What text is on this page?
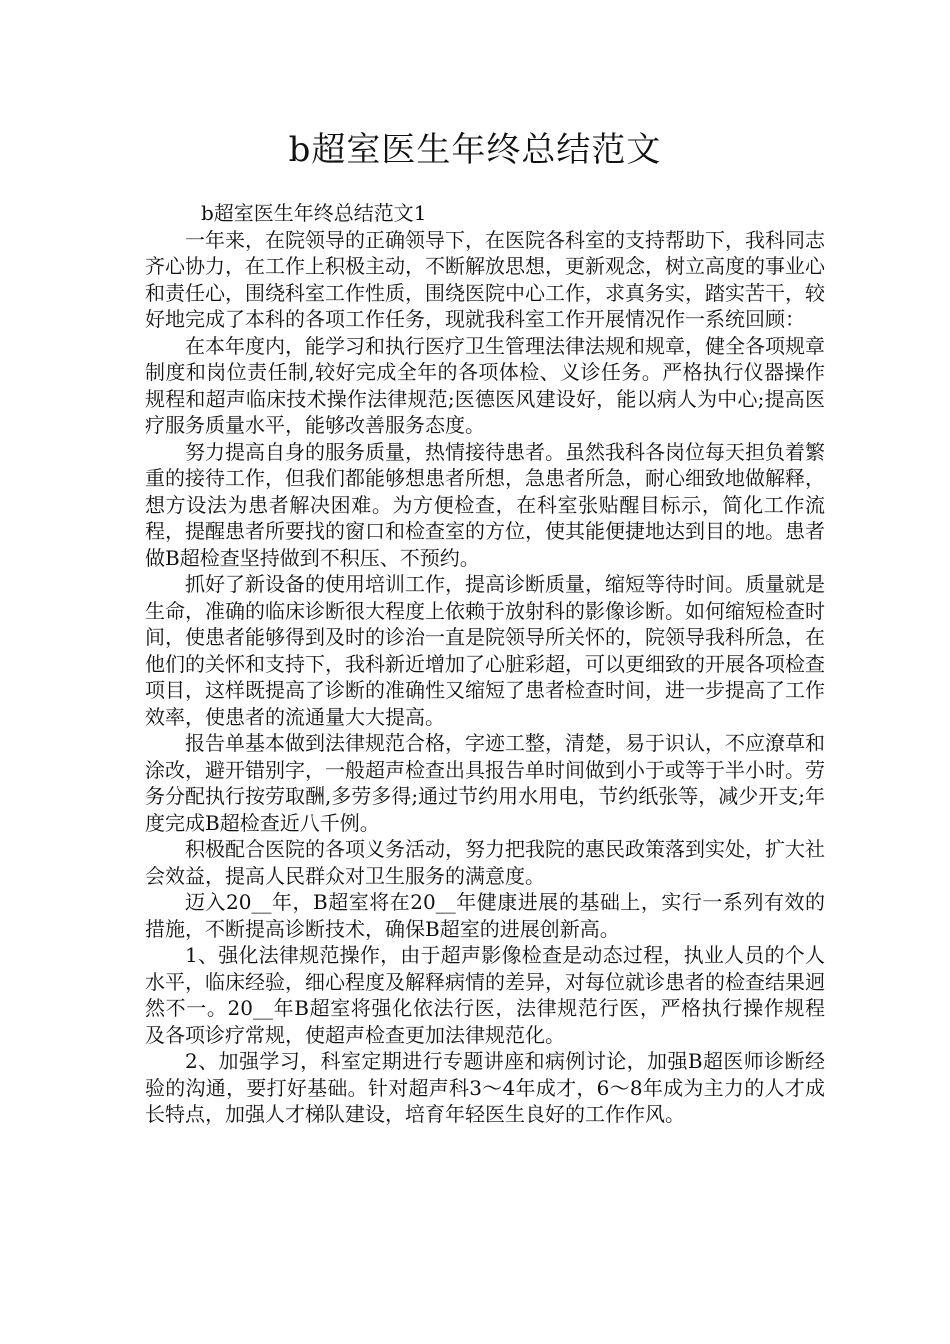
b超室医生年终总结范文

b超室医生年终总结范文1

一年来，在院领导的正确领导下，在医院各科室的支持帮助下，我科同志齐心协力，在工作上积极主动，不断解放思想，更新观念，树立高度的事业心和责任心，围绕科室工作性质，围绕医院中心工作，求真务实，踏实苦干，较好地完成了本科的各项工作任务，现就我科室工作开展情况作一系统回顾：

在本年度内，能学习和执行医疗卫生管理法律法规和规章，健全各项规章制度和岗位责任制,较好完成全年的各项体检、义诊任务。严格执行仪器操作规程和超声临床技术操作法律规范;医德医风建设好，能以病人为中心;提高医疗服务质量水平，能够改善服务态度。

努力提高自身的服务质量，热情接待患者。虽然我科各岗位每天担负着繁重的接待工作，但我们都能够想患者所想，急患者所急，耐心细致地做解释，想方设法为患者解决困难。为方便检查，在科室张贴醒目标示，简化工作流程，提醒患者所要找的窗口和检查室的方位，使其能便捷地达到目的地。患者做B超检查坚持做到不积压、不预约。

抓好了新设备的使用培训工作，提高诊断质量，缩短等待时间。质量就是生命，准确的临床诊断很大程度上依赖于放射科的影像诊断。如何缩短检查时间，使患者能够得到及时的诊治一直是院领导所关怀的，院领导我科所急，在他们的关怀和支持下，我科新近增加了心脏彩超，可以更细致的开展各项检查项目，这样既提高了诊断的准确性又缩短了患者检查时间，进一步提高了工作效率，使患者的流通量大大提高。

报告单基本做到法律规范合格，字迹工整，清楚，易于识认，不应潦草和涂改，避开错别字，一般超声检查出具报告单时间做到小于或等于半小时。劳务分配执行按劳取酬,多劳多得;通过节约用水用电，节约纸张等，减少开支;年度完成B超检查近八千例。

积极配合医院的各项义务活动，努力把我院的惠民政策落到实处，扩大社会效益，提高人民群众对卫生服务的满意度。

迈入20__年，B超室将在20__年健康进展的基础上，实行一系列有效的措施，不断提高诊断技术，确保B超室的进展创新高。

1、强化法律规范操作，由于超声影像检查是动态过程，执业人员的个人水平，临床经验，细心程度及解释病情的差异，对每位就诊患者的检查结果迥然不一。20__年B超室将强化依法行医，法律规范行医，严格执行操作规程及各项诊疗常规，使超声检查更加法律规范化。

2、加强学习，科室定期进行专题讲座和病例讨论，加强B超医师诊断经验的沟通，要打好基础。针对超声科3～4年成才，6～8年成为主力的人才成长特点，加强人才梯队建设，培育年轻医生良好的工作作风。
